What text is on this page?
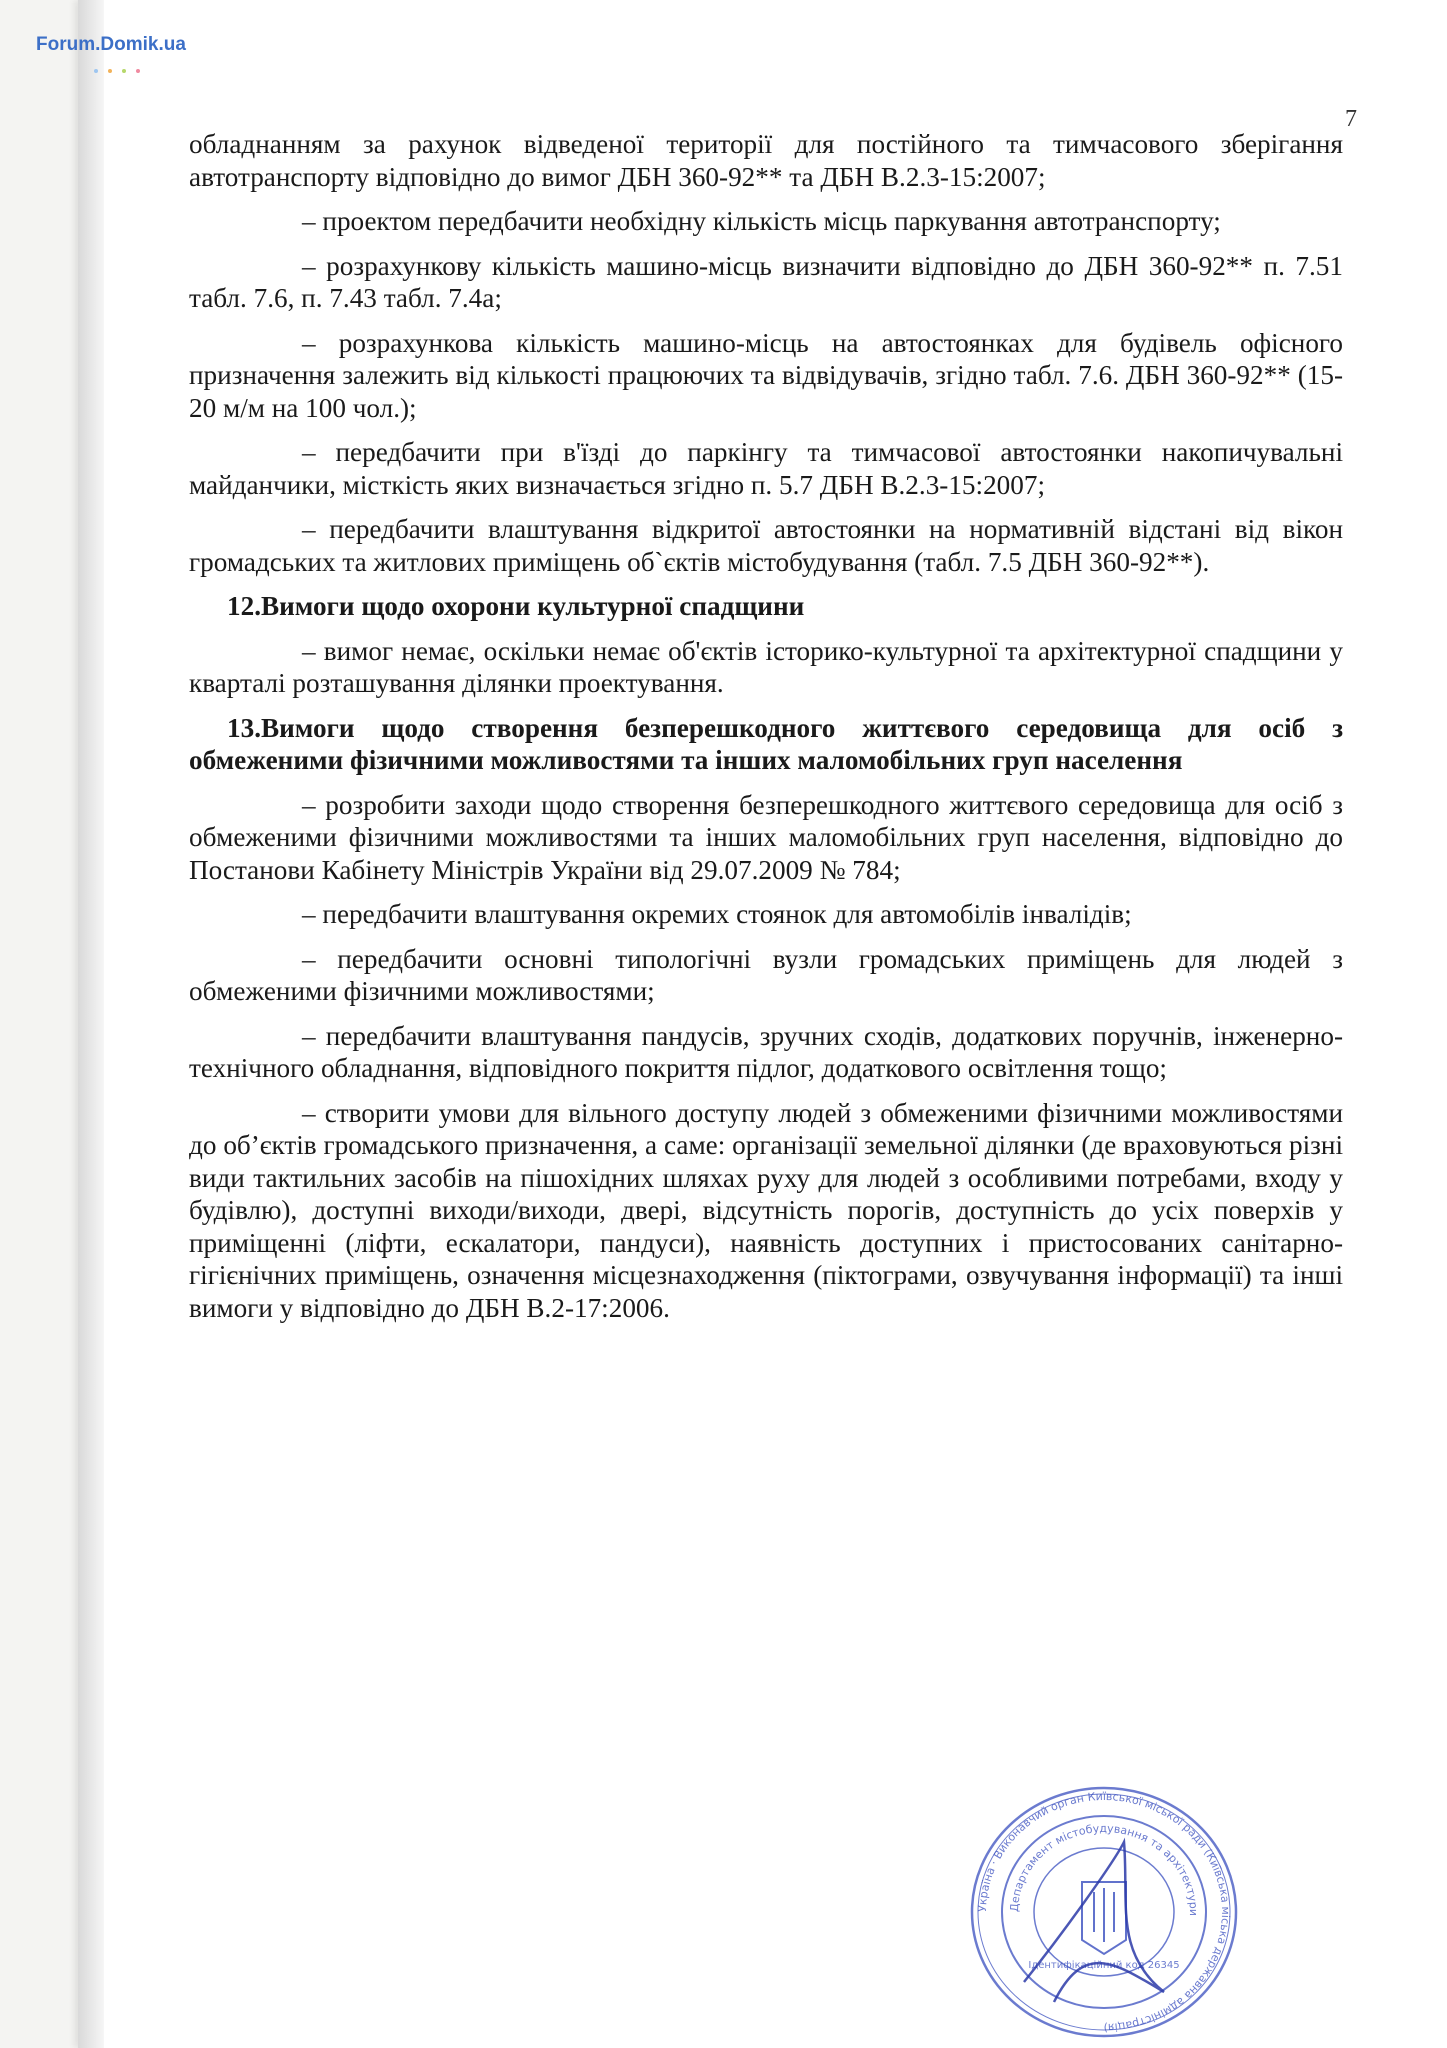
Forum.Domik.ua
7

обладнанням за рахунок відведеної території для постійного та тимчасового зберігання автотранспорту відповідно до вимог ДБН 360-92** та ДБН В.2.3-15:2007;

– проектом передбачити необхідну кількість місць паркування автотранспорту;

– розрахункову кількість машино-місць визначити відповідно до ДБН 360-92** п. 7.51 табл. 7.6, п. 7.43 табл. 7.4а;

– розрахункова кількість машино-місць на автостоянках для будівель офісного призначення залежить від кількості працюючих та відвідувачів, згідно табл. 7.6. ДБН 360-92** (15-20 м/м на 100 чол.);

– передбачити при в'їзді до паркінгу та тимчасової автостоянки накопичувальні майданчики, місткість яких визначається згідно п. 5.7 ДБН В.2.3-15:2007;

– передбачити влаштування відкритої автостоянки на нормативній відстані від вікон громадських та житлових приміщень об`єктів містобудування (табл. 7.5 ДБН 360-92**).

12.Вимоги щодо охорони культурної спадщини

– вимог немає, оскільки немає об'єктів історико-культурної та архітектурної спадщини у кварталі розташування ділянки проектування.

13.Вимоги щодо створення безперешкодного життєвого середовища для осіб з обмеженими фізичними можливостями та інших маломобільних груп населення

– розробити заходи щодо створення безперешкодного життєвого середовища для осіб з обмеженими фізичними можливостями та інших маломобільних груп населення, відповідно до Постанови Кабінету Міністрів України від 29.07.2009 № 784;

– передбачити влаштування окремих стоянок для автомобілів інвалідів;

– передбачити основні типологічні вузли громадських приміщень для людей з обмеженими фізичними можливостями;

– передбачити влаштування пандусів, зручних сходів, додаткових поручнів, інженерно-технічного обладнання, відповідного покриття підлог, додаткового освітлення тощо;

– створити умови для вільного доступу людей з обмеженими фізичними можливостями до об’єктів громадського призначення, а саме: організації земельної ділянки (де враховуються різні види тактильних засобів на пішохідних шляхах руху для людей з особливими потребами, входу у будівлю), доступні виходи/виходи, двері, відсутність порогів, доступність до усіх поверхів у приміщенні (ліфти, ескалатори, пандуси), наявність доступних і пристосованих санітарно-гігієнічних приміщень, означення місцезнаходження (піктограми, озвучування інформації) та інші вимоги у відповідно до ДБН В.2-17:2006.

Україна · Виконавчий орган Київської міської ради (Київська міська державна адміністрація)
Департамент містобудування та архітектури
Ідентифікаційний код 26345
